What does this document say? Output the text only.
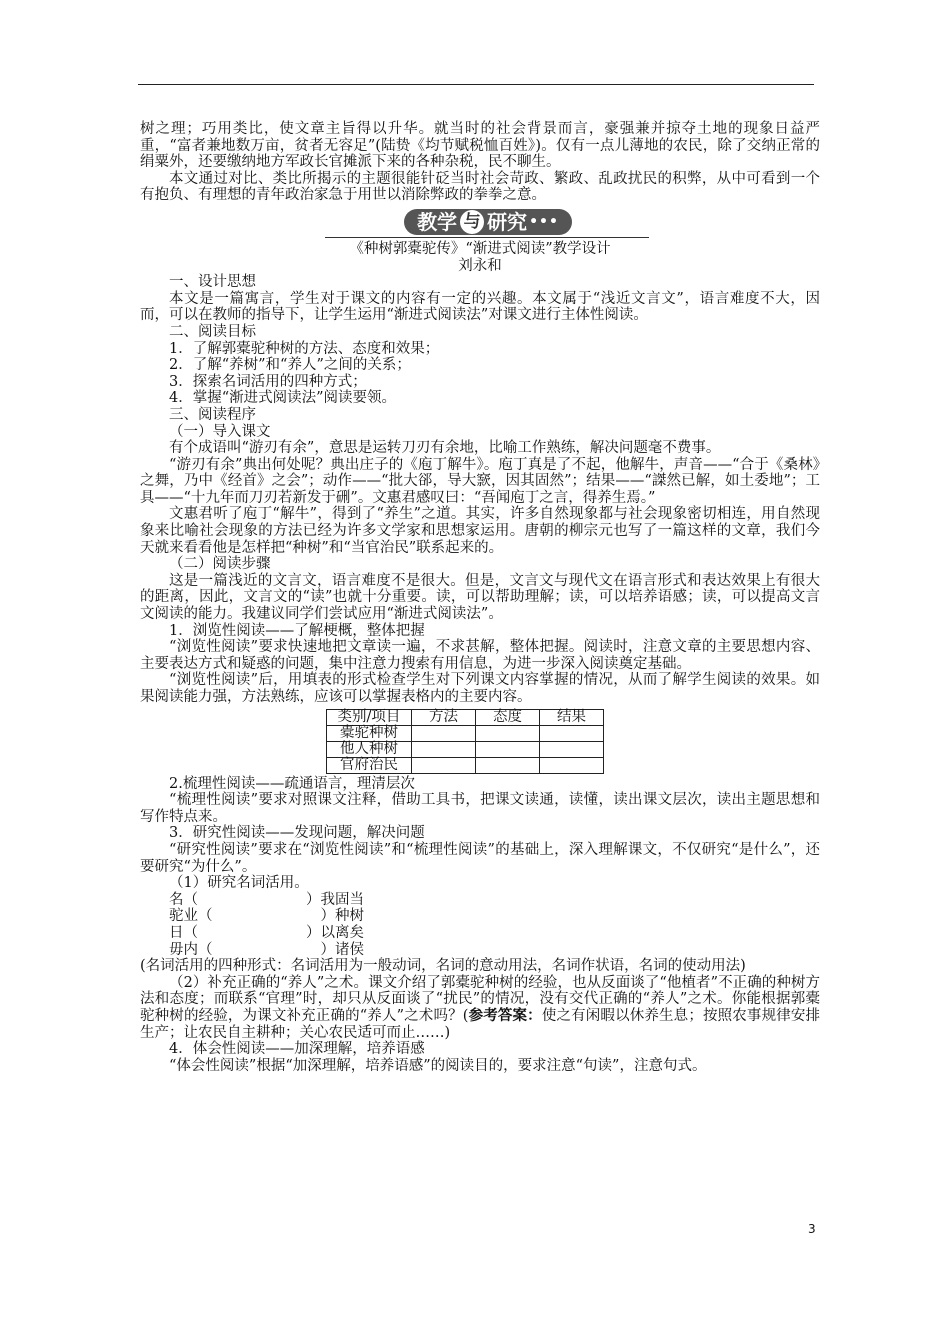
树之理；巧用类比，使文章主旨得以升华。就当时的社会背景而言，豪强兼并掠夺土地的现象日益严重，“富者兼地数万亩，贫者无容足”(陆贽《均节赋税恤百姓》)。仅有一点儿薄地的农民，除了交纳正常的绢粟外，还要缴纳地方军政长官摊派下来的各种杂税，民不聊生。

本文通过对比、类比所揭示的主题很能针砭当时社会苛政、繁政、乱政扰民的积弊，从中可看到一个有抱负、有理想的青年政治家急于用世以消除弊政的拳拳之意。

教学 与 研究 •••

《种树郭橐驼传》“渐进式阅读”教学设计

刘永和

一、设计思想

本文是一篇寓言，学生对于课文的内容有一定的兴趣。本文属于“浅近文言文”，语言难度不大，因而，可以在教师的指导下，让学生运用“渐进式阅读法”对课文进行主体性阅读。

二、阅读目标

1．了解郭橐驼种树的方法、态度和效果；

2．了解“养树”和“养人”之间的关系；

3．探索名词活用的四种方式；

4．掌握“渐进式阅读法”阅读要领。

三、阅读程序

（一）导入课文

有个成语叫“游刃有余”，意思是运转刀刃有余地，比喻工作熟练，解决问题毫不费事。

“游刃有余”典出何处呢？典出庄子的《庖丁解牛》。庖丁真是了不起，他解牛，声音——“合于《桑林》之舞，乃中《经首》之会”；动作——“批大郤，导大窾，因其固然”；结果——“謋然已解，如土委地”；工具——“十九年而刀刃若新发于硎”。文惠君感叹曰：“吾闻庖丁之言，得养生焉。”

文惠君听了庖丁“解牛”，得到了“养生”之道。其实，许多自然现象都与社会现象密切相连，用自然现象来比喻社会现象的方法已经为许多文学家和思想家运用。唐朝的柳宗元也写了一篇这样的文章，我们今天就来看看他是怎样把“种树”和“当官治民”联系起来的。

（二）阅读步骤

这是一篇浅近的文言文，语言难度不是很大。但是，文言文与现代文在语言形式和表达效果上有很大的距离，因此，文言文的“读”也就十分重要。读，可以帮助理解；读，可以培养语感；读，可以提高文言文阅读的能力。我建议同学们尝试应用“渐进式阅读法”。

1．浏览性阅读——了解梗概，整体把握

“浏览性阅读”要求快速地把文章读一遍，不求甚解，整体把握。阅读时，注意文章的主要思想内容、主要表达方式和疑惑的问题，集中注意力搜索有用信息，为进一步深入阅读奠定基础。

“浏览性阅读”后，用填表的形式检查学生对下列课文内容掌握的情况，从而了解学生阅读的效果。如果阅读能力强，方法熟练，应该可以掌握表格内的主要内容。

类别/项目	方法	态度	结果
橐驼种树			
他人种树			
官府治民			

2.梳理性阅读——疏通语言，理清层次

“梳理性阅读”要求对照课文注释，借助工具书，把课文读通，读懂，读出课文层次，读出主题思想和写作特点来。

3．研究性阅读——发现问题，解决问题

“研究性阅读”要求在“浏览性阅读”和“梳理性阅读”的基础上，深入理解课文，不仅研究“是什么”，还要研究“为什么”。

（1）研究名词活用。

名（	）我固当

驼业（	）种树

日（	）以离矣

毋内（	）诸侯

(名词活用的四种形式：名词活用为一般动词，名词的意动用法，名词作状语，名词的使动用法)

（2）补充正确的“养人”之术。课文介绍了郭橐驼种树的经验，也从反面谈了“他植者”不正确的种树方法和态度；而联系“官理”时，却只从反面谈了“扰民”的情况，没有交代正确的“养人”之术。你能根据郭橐驼种树的经验，为课文补充正确的“养人”之术吗？(参考答案：使之有闲暇以休养生息；按照农事规律安排生产；让农民自主耕种；关心农民适可而止……)

4．体会性阅读——加深理解，培养语感

“体会性阅读”根据“加深理解，培养语感”的阅读目的，要求注意“句读”，注意句式。

3
